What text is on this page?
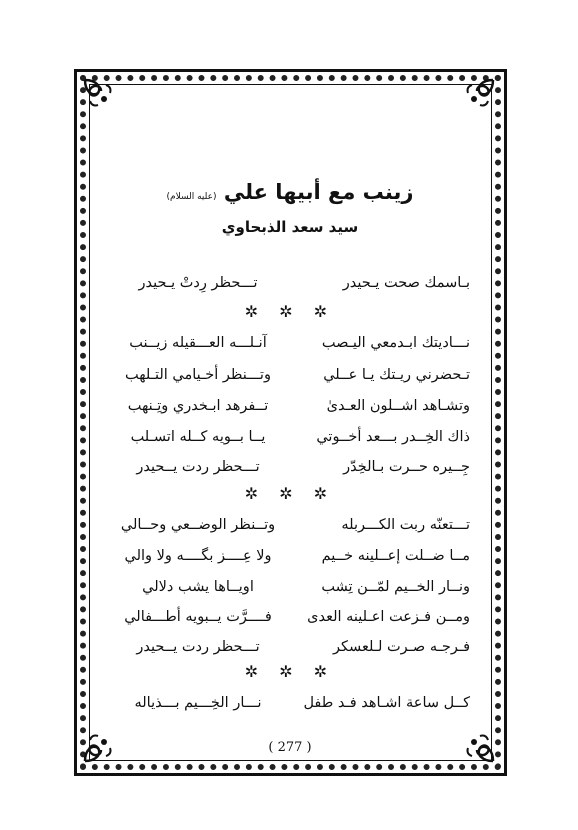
زينب مع أبيها علي (عليه السلام)
سيد سعد الذبحاوي
بـاسمك صحت يـحيدر
تـــحظر رِدتْ يـحيدر
✲ ✲ ✲
نـــاديتك ابـدمعي اليـصب
آنـلـــه العـــقيله زيــنب
تـحضرني ريـتك يـا عــلي
وتـــنظر أخـيامي التـلهب
وتشـاهد اشــلون العـدىٰ
تــفرهد ابـخدري وتِـنهب
ذاك الخِــدر بـــعد أخــوتي
يــا بــويه كــله اتسـلب
جِــيره حــرت بـالخِدّر
تـــحظر ردت يــحيدر
✲ ✲ ✲
تـــتعنّه ربت الكـــربله
وتــنظر الوضــعي وحــالي
مــا ضــلت إعــلينه خــيم
ولا عِــــز بگــــه ولا والي
ونــار الخــيم لمّــن تِشب
اويــاها يشب دلالي
ومــن فـزعت اعـلينه العدى
فــــرَّت يــبويه أطـــفالي
فـرجـه صـرت لـلعسكر
تـــحظر ردت يــحيدر
✲ ✲ ✲
كــل ساعة اشـاهد فـد طفل
نـــار الخِـــيم بـــذياله
( 277 )
